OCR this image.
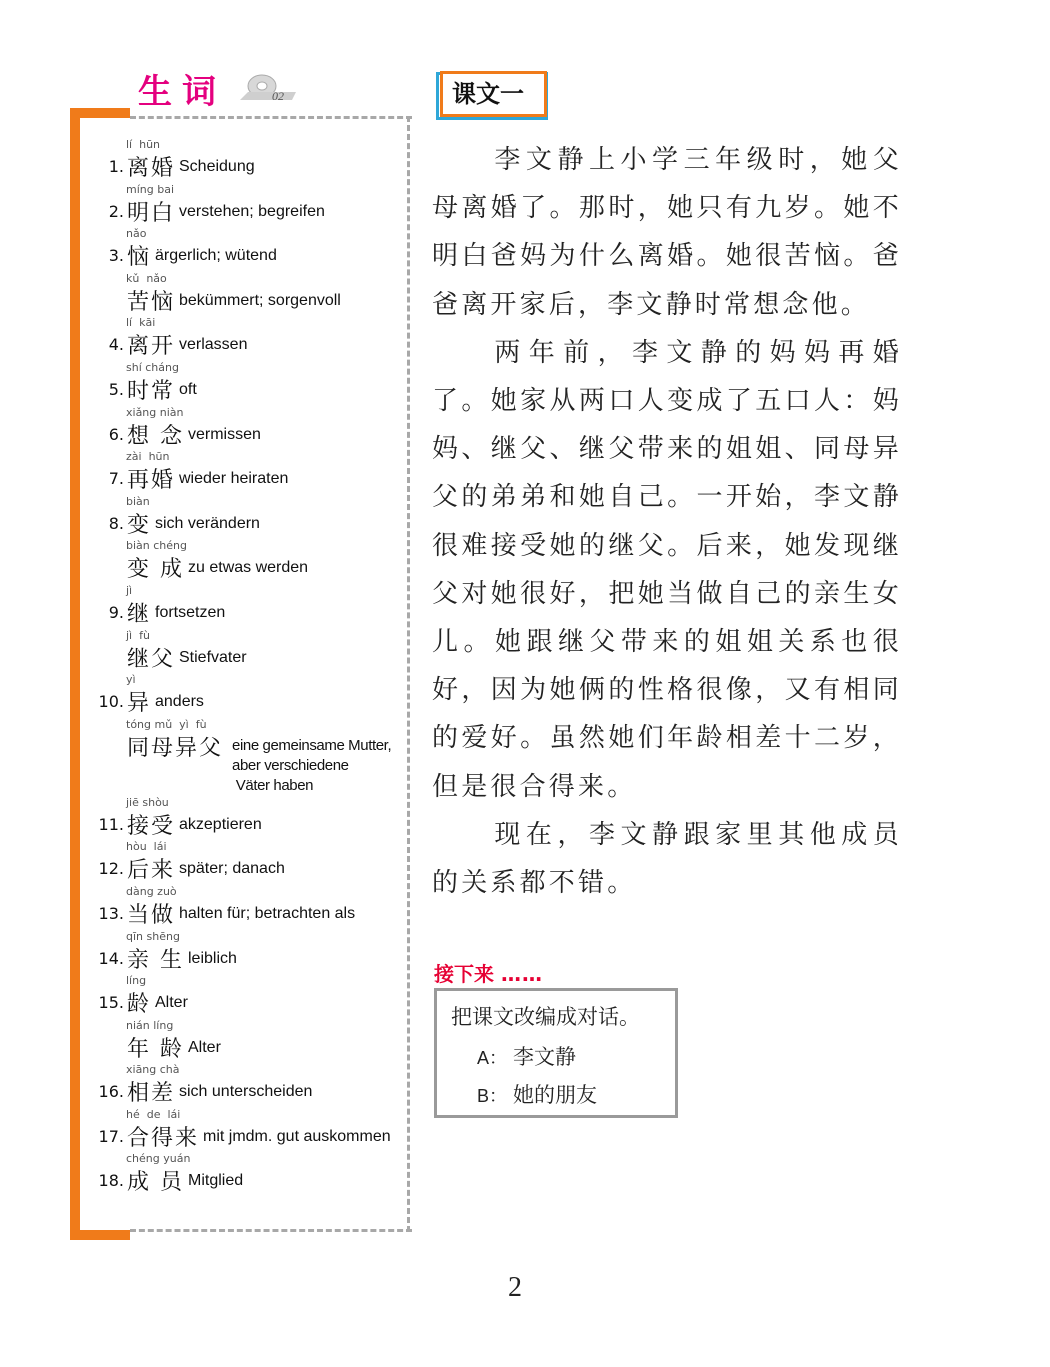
生词	02
lí  hūn
1. 离婚 Scheidung
míng bai
2. 明白 verstehen; begreifen
nǎo
3. 恼 ärgerlich; wütend
kǔ  nǎo
苦恼 bekümmert; sorgenvoll
lí  kāi
4. 离开 verlassen
shí cháng
5. 时常 oft
xiǎng niàn
6. 想 念 vermissen
zài  hūn
7. 再婚 wieder heiraten
biàn
8. 变 sich verändern
biàn chéng
变 成 zu etwas werden
jì
9. 继 fortsetzen
jì  fù
继父 Stiefvater
yì
10. 异 anders
tóng mǔ  yì  fù
同母异父 eine gemeinsame Mutter,
aber verschiedene
Väter haben
jiē shòu
11. 接受 akzeptieren
hòu  lái
12. 后来 später; danach
dàng zuò
13. 当做 halten für; betrachten als
qīn shēng
14. 亲 生 leiblich
líng
15. 龄 Alter
nián líng
年 龄 Alter
xiāng chà
16. 相差 sich unterscheiden
hé  de  lái
17. 合得来 mit jmdm. gut auskommen
chéng yuán
18. 成 员 Mitglied
课文一

李文静上小学三年级时，她父母离婚了。那时，她只有九岁。她不明白爸妈为什么离婚。她很苦恼。爸爸离开家后，李文静时常想念他。

两年前，李文静的妈妈再婚了。她家从两口人变成了五口人：妈妈、继父、继父带来的姐姐、同母异父的弟弟和她自己。一开始，李文静很难接受她的继父。后来，她发现继父对她很好，把她当做自己的亲生女儿。她跟继父带来的姐姐关系也很好，因为她俩的性格很像，又有相同的爱好。虽然她们年龄相差十二岁，但是很合得来。

现在，李文静跟家里其他成员的关系都不错。

接下来 ……
把课文改编成对话。
A： 李文静
B： 她的朋友
2
